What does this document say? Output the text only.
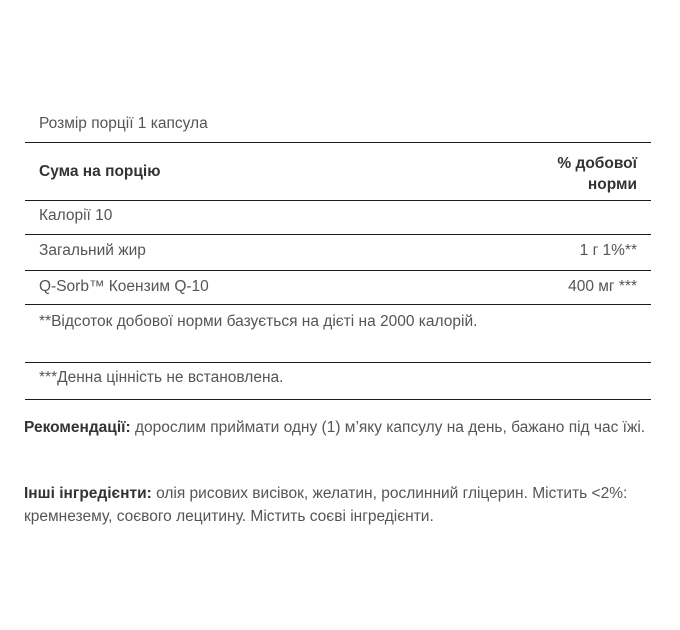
Розмір порції 1 капсула
Сума на порцію	% добової
норми
Калорії 10
Загальний жир	1 г 1%**
Q-Sorb™ Коензим Q-10	400 мг ***
**Відсоток добової норми базується на дієті на 2000 калорій.
***Денна цінність не встановлена.
Рекомендації: дорослим приймати одну (1) м’яку капсулу на день, бажано під час їжі.
Інші інгредієнти: олія рисових висівок, желатин, рослинний гліцерин. Містить <2%: кремнезему, соєвого лецитину. Містить соєві інгредієнти.
